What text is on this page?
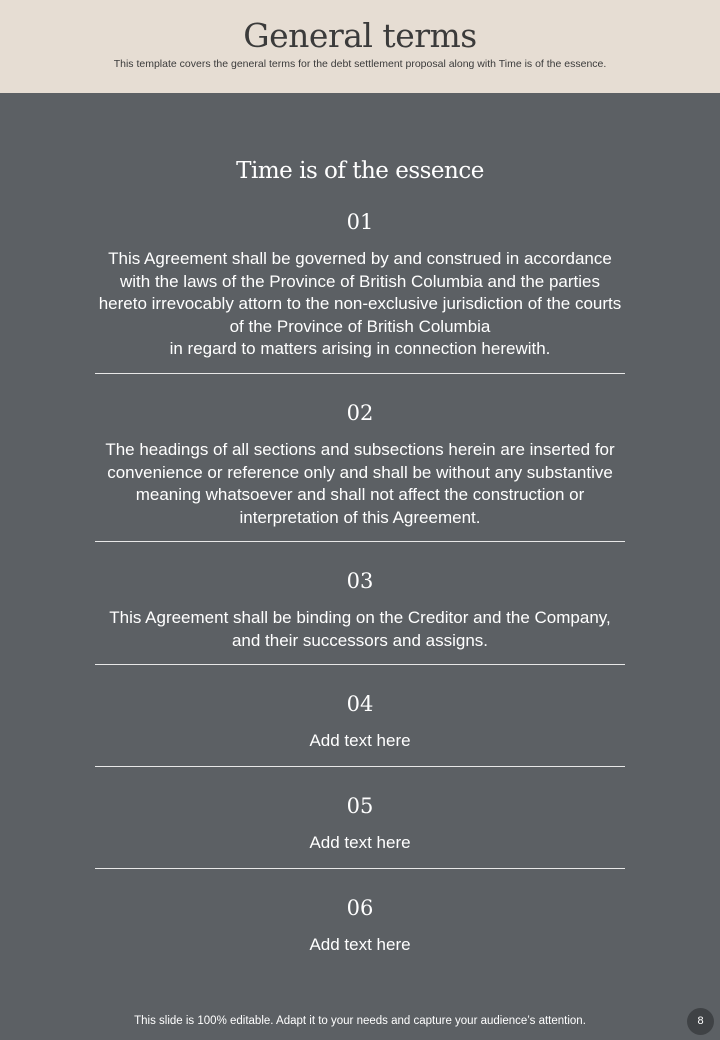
General terms
This template covers the general terms for the debt settlement proposal along with Time is of the essence.
Time is of the essence
01
This Agreement shall be governed by and construed in accordance
with the laws of the Province of British Columbia and the parties
hereto irrevocably attorn to the non-exclusive jurisdiction of the courts
of the Province of British Columbia
in regard to matters arising in connection herewith.
02
The headings of all sections and subsections herein are inserted for
convenience or reference only and shall be without any substantive
meaning whatsoever and shall not affect the construction or
interpretation of this Agreement.
03
This Agreement shall be binding on the Creditor and the Company,
and their successors and assigns.
04
Add text here
05
Add text here
06
Add text here
This slide is 100% editable. Adapt it to your needs and capture your audience’s attention.	8
